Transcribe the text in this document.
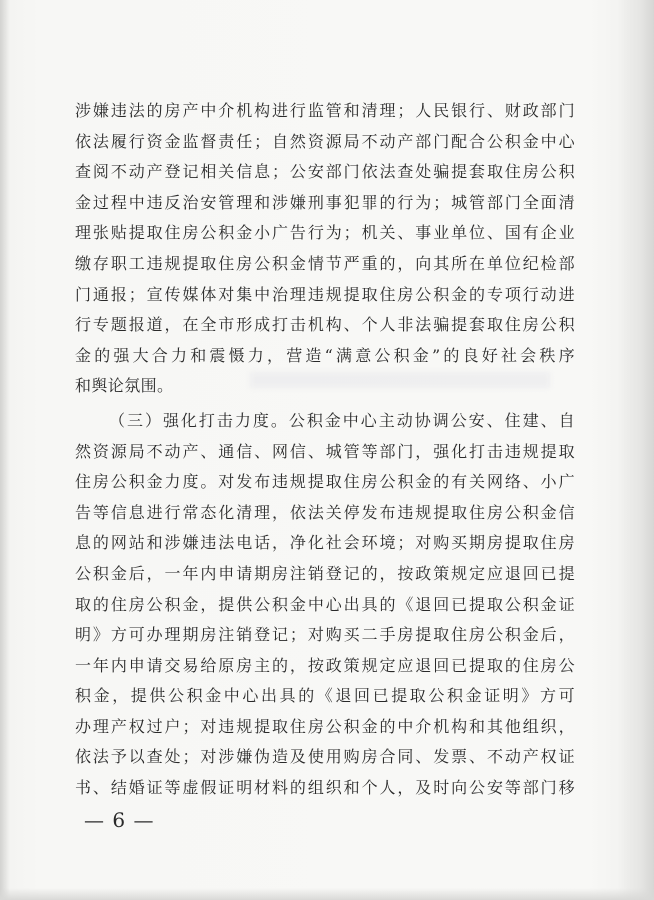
涉嫌违法的房产中介机构进行监管和清理；人民银行、财政部门
依法履行资金监督责任；自然资源局不动产部门配合公积金中心
查阅不动产登记相关信息；公安部门依法查处骗提套取住房公积
金过程中违反治安管理和涉嫌刑事犯罪的行为；城管部门全面清
理张贴提取住房公积金小广告行为；机关、事业单位、国有企业
缴存职工违规提取住房公积金情节严重的，向其所在单位纪检部
门通报；宣传媒体对集中治理违规提取住房公积金的专项行动进
行专题报道，在全市形成打击机构、个人非法骗提套取住房公积
金的强大合力和震慑力，营造“满意公积金”的良好社会秩序
和舆论氛围。
（三）强化打击力度。公积金中心主动协调公安、住建、自
然资源局不动产、通信、网信、城管等部门，强化打击违规提取
住房公积金力度。对发布违规提取住房公积金的有关网络、小广
告等信息进行常态化清理，依法关停发布违规提取住房公积金信
息的网站和涉嫌违法电话，净化社会环境；对购买期房提取住房
公积金后，一年内申请期房注销登记的，按政策规定应退回已提
取的住房公积金，提供公积金中心出具的《退回已提取公积金证
明》方可办理期房注销登记；对购买二手房提取住房公积金后，
一年内申请交易给原房主的，按政策规定应退回已提取的住房公
积金，提供公积金中心出具的《退回已提取公积金证明》方可
办理产权过户；对违规提取住房公积金的中介机构和其他组织，
依法予以查处；对涉嫌伪造及使用购房合同、发票、不动产权证
书、结婚证等虚假证明材料的组织和个人，及时向公安等部门移
— 6 —
